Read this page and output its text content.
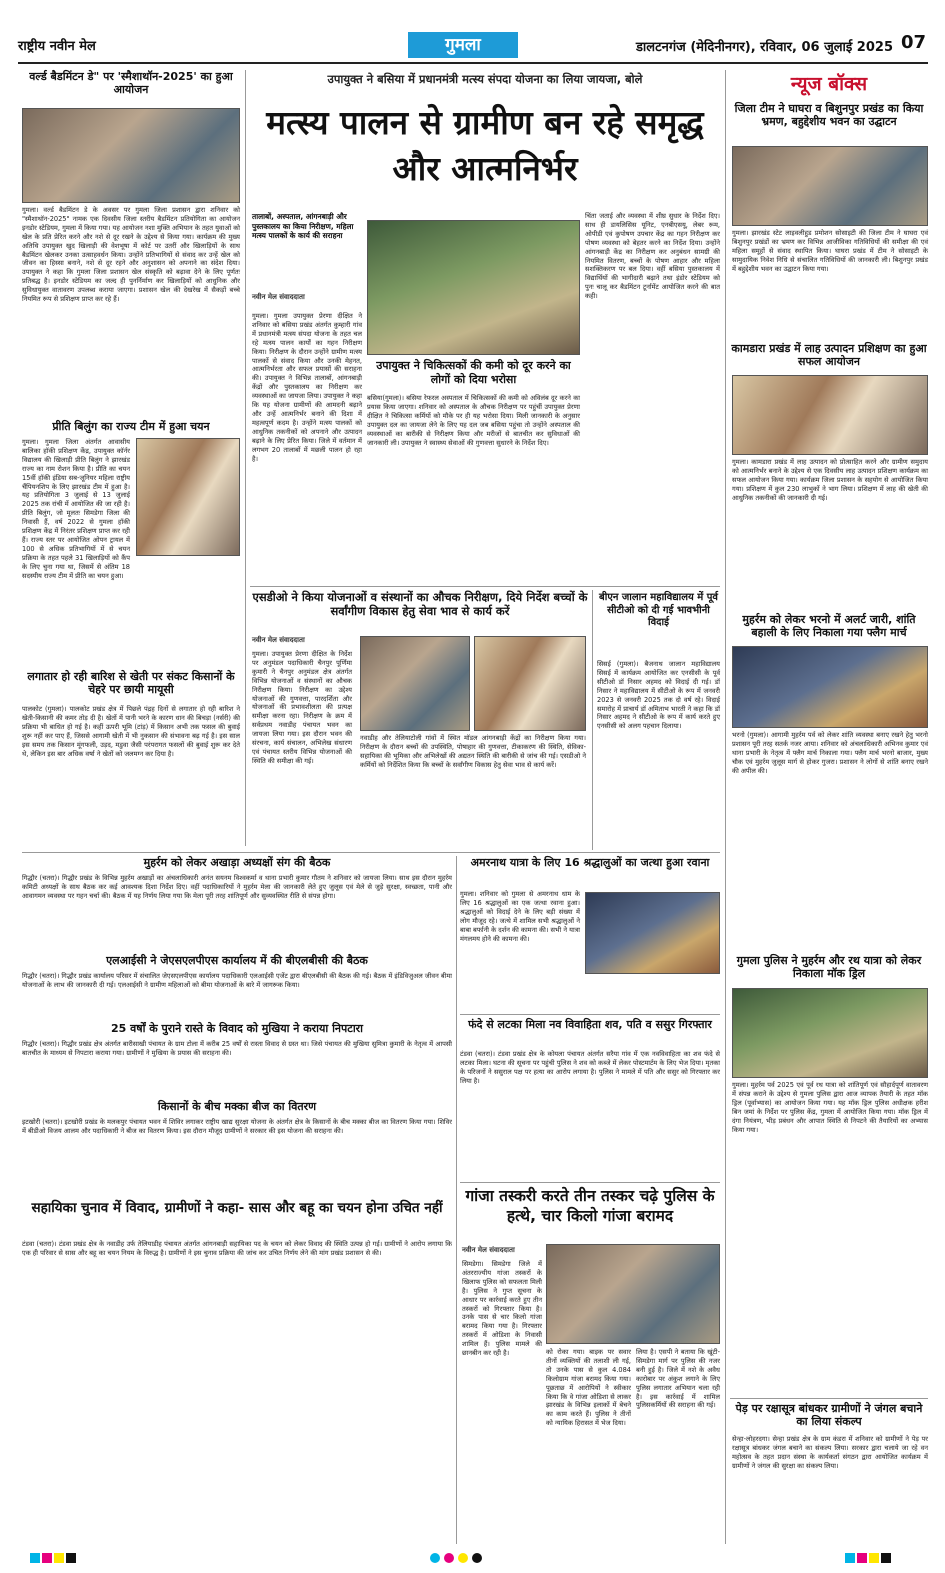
राष्ट्रीय नवीन मेल	गुमला	डालटनगंज (मेदिनीनगर), रविवार, 06 जुलाई 2025 07
वर्ल्ड बैडमिंटन डे" पर 'स्मैशाथॉन-2025' का हुआ आयोजन
गुमला। वर्ल्ड बैडमिंटन डे के अवसर पर गुमला जिला प्रशासन द्वारा शनिवार को "स्मैशाथॉन-2025" नामक एक दिवसीय जिला स्तरीय बैडमिंटन प्रतियोगिता का आयोजन इनडोर स्टेडियम, गुमला में किया गया। यह आयोजन नशा मुक्ति अभियान के तहत युवाओं को खेल के प्रति प्रेरित करने और नशे से दूर रखने के उद्देश्य से किया गया। कार्यक्रम की मुख्य अतिथि उपायुक्त खुद खिलाड़ी की वेशभूषा में कोर्ट पर उतरीं और खिलाड़ियों के साथ बैडमिंटन खेलकर उनका उत्साहवर्धन किया। उन्होंने प्रतिभागियों से संवाद कर उन्हें खेल को जीवन का हिस्सा बनाने, नशे से दूर रहने और अनुशासन को अपनाने का संदेश दिया। उपायुक्त ने कहा कि गुमला जिला प्रशासन खेल संस्कृति को बढ़ावा देने के लिए पूर्णतः प्रतिबद्ध है। इनडोर स्टेडियम का जल्द ही पुनर्निर्माण कर खिलाड़ियों को आधुनिक और सुविधायुक्त वातावरण उपलब्ध कराया जाएगा। प्रशासन खेल की देखरेख में सैकड़ों बच्चे नियमित रूप से प्रशिक्षण प्राप्त कर रहे हैं।
प्रीति बिलुंग का राज्य टीम में हुआ चयन
गुमला। गुमला जिला अंतर्गत आवासीय बालिका हॉकी प्रशिक्षण केंद्र, उपायुक्त कॉर्नर विद्यालय की खिलाड़ी प्रीति बिलुंग ने झारखंड राज्य का नाम रोशन किया है। प्रीति का चयन 15वीं हॉकी इंडिया सब-जूनियर महिला राष्ट्रीय चैंपियनशिप के लिए झारखंड टीम में हुआ है। यह प्रतियोगिता 3 जुलाई से 13 जुलाई 2025 तक रांची में आयोजित की जा रही है। प्रीति बिलुंग, जो मूलतः सिमडेगा जिला की निवासी हैं, वर्ष 2022 से गुमला हॉकी प्रशिक्षण केंद्र में निरंतर प्रशिक्षण प्राप्त कर रही हैं। राज्य स्तर पर आयोजित ओपन ट्रायल में 100 से अधिक प्रतिभागियों में से चयन प्रक्रिया के तहत पहले 31 खिलाड़ियों को कैंप के लिए चुना गया था, जिसमें से अंतिम 18 सदस्यीय राज्य टीम में प्रीति का चयन हुआ।
लगातार हो रही बारिश से खेती पर संकट किसानों के चेहरे पर छायी मायूसी
पालकोट (गुमला)। पालकोट प्रखंड क्षेत्र में पिछले पंद्रह दिनों से लगातार हो रही बारिश ने खेती-किसानी की कमर तोड़ दी है। खेतों में पानी भरने के कारण धान की बिचड़ा (नर्सरी) की प्रक्रिया भी बाधित हो गई है। कहीं ऊपरी भूमि (टांड़) में किसान अभी तक फसल की बुवाई शुरू नहीं कर पाए हैं, जिससे आगामी खेती में भी नुकसान की संभावना बढ़ गई है। इस साल इस समय तक किसान मूंगफली, उड़द, मडुवा जैसी परंपरागत फसलों की बुवाई शुरू कर देते थे, लेकिन इस बार अधिक वर्षा ने खेतों को जलमग्न कर दिया है।
उपायुक्त ने बसिया में प्रधानमंत्री मत्स्य संपदा योजना का लिया जायजा, बोले
मत्स्य पालन से ग्रामीण बन रहे समृद्ध और आत्मनिर्भर
तालाबों, अस्पताल, आंगनबाड़ी और पुस्तकालय का किया निरीक्षण, महिला मत्स्य पालकों के कार्य की सराहना
नवीन मेल संवाददाता
गुमला। गुमला उपायुक्त प्रेरणा दीक्षित ने शनिवार को बसिया प्रखंड अंतर्गत कुम्हारी गांव में प्रधानमंत्री मत्स्य संपदा योजना के तहत चल रहे मत्स्य पालन कार्यों का गहन निरीक्षण किया। निरीक्षण के दौरान उन्होंने ग्रामीण मत्स्य पालकों से संवाद किया और उनकी मेहनत, आत्मनिर्भरता और सफल प्रयासों की सराहना की। उपायुक्त ने विभिन्न तालाबों, आंगनबाड़ी केंद्रों और पुस्तकालय का निरीक्षण कर व्यवस्थाओं का जायजा लिया। उपायुक्त ने कहा कि यह योजना ग्रामीणों की आमदनी बढ़ाने और उन्हें आत्मनिर्भर बनाने की दिशा में महत्वपूर्ण कदम है। उन्होंने मत्स्य पालकों को आधुनिक तकनीकों को अपनाने और उत्पादन बढ़ाने के लिए प्रेरित किया। जिले में वर्तमान में लगभग 20 तालाबों में मछली पालन हो रहा है।
उपायुक्त ने चिकित्सकों की कमी को दूर करने का लोगों को दिया भरोसा
बसिया(गुमला)। बसिया रेफरल अस्पताल में चिकित्सकों की कमी को अविलंब दूर करने का प्रयास किया जाएगा। शनिवार को अस्पताल के औचक निरीक्षण पर पहुंचीं उपायुक्त प्रेरणा दीक्षित ने चिकित्सा कर्मियों को मौके पर ही यह भरोसा दिया। मिली जानकारी के अनुसार उपायुक्त दल का जायजा लेने के लिए यह दल जब बसिया पहुंचा तो उन्होंने अस्पताल की व्यवस्थाओं का बारीकी से निरीक्षण किया और मरीजों से बातचीत कर सुविधाओं की जानकारी ली। उपायुक्त ने स्वास्थ्य सेवाओं की गुणवत्ता सुधारने के निर्देश दिए।
चिंता जताई और व्यवस्था में शीघ्र सुधार के निर्देश दिए। साथ ही डायलिसिस यूनिट, एनबीएसयू, लेबर रूम, ओपीडी एवं कुपोषण उपचार केंद्र का गहन निरीक्षण कर पोषण व्यवस्था को बेहतर करने का निर्देश दिया। उन्होंने आंगनबाड़ी केंद्र का निरीक्षण कर अनुबंधन सामग्री की नियमित वितरण, बच्चों के पोषण आहार और महिला सशक्तिकरण पर बल दिया। वहीं बसिया पुस्तकालय में विद्यार्थियों की भागीदारी बढ़ाने तथा इंडोर स्टेडियम को पुनः चालू कर बैडमिंटन टूर्नामेंट आयोजित करने की बात कही।
एसडीओ ने किया योजनाओं व संस्थानों का औचक निरीक्षण, दिये निर्देश बच्चों के सर्वांगीण विकास हेतु सेवा भाव से कार्य करें
नवीन मेल संवाददाता
गुमला। उपायुक्त प्रेरणा दीक्षित के निर्देश पर अनुमंडल पदाधिकारी चैनपुर पूर्णिमा कुमारी ने चैनपुर अनुमंडल क्षेत्र अंतर्गत विभिन्न योजनाओं व संस्थानों का औचक निरीक्षण किया। निरीक्षण का उद्देश्य योजनाओं की गुणवत्ता, पारदर्शिता और योजनाओं की प्रभावशीलता की प्रत्यक्ष समीक्षा करना रहा। निरीक्षण के क्रम में सर्वप्रथम नवाडीह पंचायत भवन का जायजा लिया गया। इस दौरान भवन की संरचना, कार्य संचालन, अभिलेख संधारण एवं पंचायत स्तरीय विभिन्न योजनाओं की स्थिति की समीक्षा की गई।
नवाडीह और तेलियाटोली गांवों में स्थित मॉडल आंगनबाड़ी केंद्रों का निरीक्षण किया गया। निरीक्षण के दौरान बच्चों की उपस्थिति, पोषाहार की गुणवत्ता, टीकाकरण की स्थिति, सेविका-सहायिका की भूमिका और अभिलेखों की अद्यतन स्थिति की बारीकी से जांच की गई। एसडीओ ने कर्मियों को निर्देशित किया कि बच्चों के सर्वांगीण विकास हेतु सेवा भाव से कार्य करें।
बीएन जालान महाविद्यालय में पूर्व सीटीओ को दी गई भावभीनी विदाई
सिसई (गुमला)। बैजनाथ जालान महाविद्यालय सिसई में कार्यक्रम आयोजित कर एनसीसी के पूर्व सीटीओ डॉ निसार अहमद को विदाई दी गई। डॉ निसार ने महाविद्यालय में सीटीओ के रूप में जनवरी 2023 से जनवरी 2025 तक दो वर्ष रहे। विदाई समारोह में प्राचार्य डॉ अमिताभ भारती ने कहा कि डॉ निसार अहमद ने सीटीओ के रूप में कार्य करते हुए एनसीसी को अलग पहचान दिलाया।
मुहर्रम को लेकर अखाड़ा अध्यक्षों संग की बैठक
गिद्धौर (चतरा)। गिद्धौर प्रखंड के विभिन्न मुहर्रम अखाड़ों का अंचलाधिकारी अनंत सयनम विश्वकर्मा व थाना प्रभारी कुमार गौतम ने शनिवार को जायजा लिया। साथ इस दौरान मुहर्रम कमिटी अध्यक्षों के साथ बैठक कर कई आवश्यक दिशा निर्देश दिए। वहीं पदाधिकारियों ने मुहर्रम मेला की जानकारी लेते हुए जुलूस एवं मेले से जुड़े सुरक्षा, स्वच्छता, पानी और आवागमन व्यवस्था पर गहन चर्चा की। बैठक में यह निर्णय लिया गया कि मेला पूरी तरह शांतिपूर्ण और सुव्यवस्थित रीति से संपन्न होगा।
एलआईसी ने जेएसएलपीएस कार्यालय में की बीएलबीसी की बैठक
गिद्धौर (चतरा)। गिद्धौर प्रखंड कार्यालय परिसर में संचालित जेएसएलपीएस कार्यालय पदाधिकारी एलआईसी एजेंट द्वारा बीएलबीसी की बैठक की गई। बैठक में इंडिविजुअल जीवन बीमा योजनाओं के लाभ की जानकारी दी गई। एलआईसी ने ग्रामीण महिलाओं को बीमा योजनाओं के बारे में जागरूक किया।
25 वर्षों के पुराने रास्ते के विवाद को मुखिया ने कराया निपटारा
गिद्धौर (चतरा)। गिद्धौर प्रखंड क्षेत्र अंतर्गत बारीसाखी पंचायत के ग्राम टोला में करीब 25 वर्षों से रास्ता विवाद से ग्रस्त था। जिसे पंचायत की मुखिया सुमित्रा कुमारी के नेतृत्व में आपसी बातचीत के माध्यम से निपटारा कराया गया। ग्रामीणों ने मुखिया के प्रयास की सराहना की।
किसानों के बीच मक्का बीज का वितरण
इटखोरी (चतरा)। इटखोरी प्रखंड के मलकपुर पंचायत भवन में शिविर लगाकर राष्ट्रीय खाद्य सुरक्षा योजना के अंतर्गत क्षेत्र के किसानों के बीच मक्का बीज का वितरण किया गया। शिविर में बीडीओ विजय आलम और पदाधिकारी ने बीज का वितरण किया। इस दौरान मौजूद ग्रामीणों ने सरकार की इस योजना की सराहना की।
सहायिका चुनाव में विवाद, ग्रामीणों ने कहा- सास और बहू का चयन होना उचित नहीं
टंडवा (चतरा)। टंडवा प्रखंड क्षेत्र के नवाडीह उर्फ तेलियाडीह पंचायत अंतर्गत आंगनबाड़ी सहायिका पद के चयन को लेकर विवाद की स्थिति उत्पन्न हो गई। ग्रामीणों ने आरोप लगाया कि एक ही परिवार से सास और बहू का चयन नियम के विरुद्ध है। ग्रामीणों ने इस चुनाव प्रक्रिया की जांच कर उचित निर्णय लेने की मांग प्रखंड प्रशासन से की।
अमरनाथ यात्रा के लिए 16 श्रद्धालुओं का जत्था हुआ रवाना
गुमला। शनिवार को गुमला से अमरनाथ धाम के लिए 16 श्रद्धालुओं का एक जत्था रवाना हुआ। श्रद्धालुओं को विदाई देने के लिए बड़ी संख्या में लोग मौजूद रहे। जत्थे में शामिल सभी श्रद्धालुओं ने बाबा बर्फानी के दर्शन की कामना की। सभी ने यात्रा मंगलमय होने की कामना की।
फंदे से लटका मिला नव विवाहिता शव, पति व ससुर गिरफ्तार
टंडवा (चतरा)। टंडवा प्रखंड क्षेत्र के कोयला पंचायत अंतर्गत सरैया गांव में एक नवविवाहिता का शव फंदे से लटका मिला। घटना की सूचना पर पहुंची पुलिस ने शव को कब्जे में लेकर पोस्टमार्टम के लिए भेज दिया। मृतका के परिजनों ने ससुराल पक्ष पर हत्या का आरोप लगाया है। पुलिस ने मामले में पति और ससुर को गिरफ्तार कर लिया है।
गांजा तस्करी करते तीन तस्कर चढ़े पुलिस के हत्थे, चार किलो गांजा बरामद
नवीन मेल संवाददाता
सिमडेगा। सिमडेगा जिले में अंतरराज्यीय गांजा तस्करों के खिलाफ पुलिस को सफलता मिली है। पुलिस ने गुप्त सूचना के आधार पर कार्रवाई करते हुए तीन तस्करों को गिरफ्तार किया है। उनके पास से चार किलो गांजा बरामद किया गया है। गिरफ्तार तस्करों में ओडिशा के निवासी शामिल हैं। पुलिस मामले की छानबीन कर रही है।	को रोका गया। बाइक पर सवार तीनों व्यक्तियों की तलाशी ली गई, तो उनके पास से कुल 4.084 किलोग्राम गांजा बरामद किया गया। पूछताछ में आरोपियों ने स्वीकार किया कि वे गांजा ओडिशा से लाकर झारखंड के विभिन्न इलाकों में बेचने का काम करते हैं। पुलिस ने तीनों को न्यायिक हिरासत में भेज दिया।
लिया है। एसपी ने बताया कि खूंटी-सिमडेगा मार्ग पर पुलिस की नजर बनी हुई है। जिले में नशे के अवैध कारोबार पर अंकुश लगाने के लिए पुलिस लगातार अभियान चला रही है। इस कार्रवाई में शामिल पुलिसकर्मियों की सराहना की गई।
न्यूज बॉक्स
जिला टीम ने घाघरा व बिशुनपुर प्रखंड का किया भ्रमण, बहुद्देशीय भवन का उद्घाटन
गुमला। झारखंड स्टेट लाइवलीहुड प्रमोशन सोसाइटी की जिला टीम ने घाघरा एवं बिशुनपुर प्रखंडों का भ्रमण कर विभिन्न आजीविका गतिविधियों की समीक्षा की एवं महिला समूहों से संवाद स्थापित किया। घाघरा प्रखंड में टीम ने सोसाइटी के सामुदायिक निवेश निधि से संचालित गतिविधियों की जानकारी ली। बिशुनपुर प्रखंड में बहुद्देशीय भवन का उद्घाटन किया गया।
कामडारा प्रखंड में लाह उत्पादन प्रशिक्षण का हुआ सफल आयोजन
गुमला। कामडारा प्रखंड में लाह उत्पादन को प्रोत्साहित करने और ग्रामीण समुदाय को आत्मनिर्भर बनाने के उद्देश्य से एक दिवसीय लाह उत्पादन प्रशिक्षण कार्यक्रम का सफल आयोजन किया गया। कार्यक्रम जिला प्रशासन के सहयोग से आयोजित किया गया। प्रशिक्षण में कुल 230 लाभुकों ने भाग लिया। प्रशिक्षण में लाह की खेती की आधुनिक तकनीकों की जानकारी दी गई।
मुहर्रम को लेकर भरनो में अलर्ट जारी, शांति बहाली के लिए निकाला गया फ्लैग मार्च
भरनो (गुमला)। आगामी मुहर्रम पर्व को लेकर शांति व्यवस्था बनाए रखने हेतु भरनो प्रशासन पूरी तरह सतर्क नजर आया। शनिवार को अंचलाधिकारी अभिनव कुमार एवं थाना प्रभारी के नेतृत्व में फ्लैग मार्च निकाला गया। फ्लैग मार्च भरनो बाजार, मुख्य चौक एवं मुहर्रम जुलूस मार्ग से होकर गुजरा। प्रशासन ने लोगों से शांति बनाए रखने की अपील की।
गुमला पुलिस ने मुहर्रम और रथ यात्रा को लेकर निकाला मॉक ड्रिल
गुमला। मुहर्रम पर्व 2025 एवं पूर्व रथ यात्रा को शांतिपूर्ण एवं सौहार्दपूर्ण वातावरण में संपन्न कराने के उद्देश्य से गुमला पुलिस द्वारा आज व्यापक तैयारी के तहत मॉक ड्रिल (पूर्वाभ्यास) का आयोजन किया गया। यह मॉक ड्रिल पुलिस अधीक्षक हरीश बिन जमां के निर्देश पर पुलिस केंद्र, गुमला में आयोजित किया गया। मॉक ड्रिल में दंगा नियंत्रण, भीड़ प्रबंधन और आपात स्थिति से निपटने की तैयारियों का अभ्यास किया गया।
पेड़ पर रक्षासूत्र बांधकर ग्रामीणों ने जंगल बचाने का लिया संकल्प
सेन्हा-लोहरदगा। सेन्हा प्रखंड क्षेत्र के ग्राम कंडरा में शनिवार को ग्रामीणों ने पेड़ पर रक्षासूत्र बांधकर जंगल बचाने का संकल्प लिया। सरकार द्वारा चलाये जा रहे वन महोत्सव के तहत प्रदान संस्था के कार्यकर्ता संगठन द्वारा आयोजित कार्यक्रम में ग्रामीणों ने जंगल की सुरक्षा का संकल्प लिया।
